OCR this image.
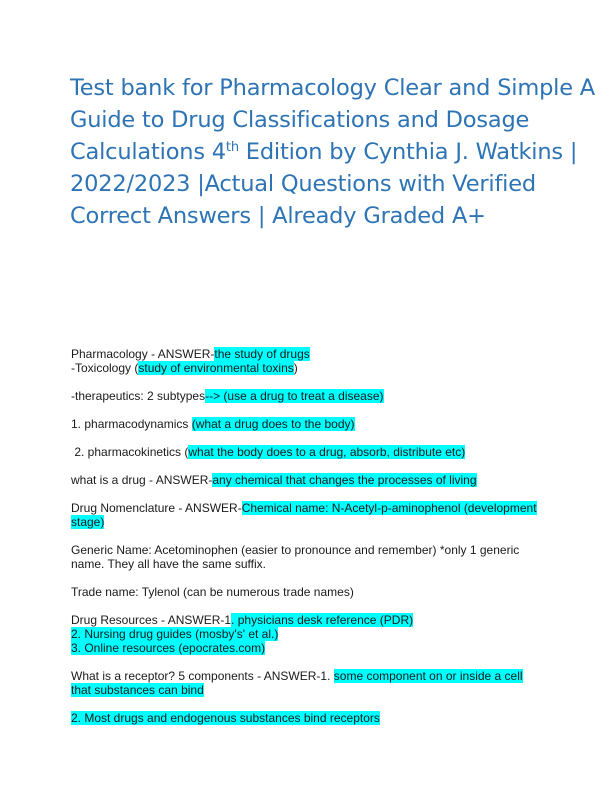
Test bank for Pharmacology Clear and Simple A
Guide to Drug Classifications and Dosage
Calculations 4th Edition by Cynthia J. Watkins |
2022/2023 |Actual Questions with Verified
Correct Answers | Already Graded A+

Pharmacology - ANSWER-the study of drugs

-Toxicology (study of environmental toxins)

-therapeutics: 2 subtypes--> (use a drug to treat a disease)

1. pharmacodynamics (what a drug does to the body)

2. pharmacokinetics (what the body does to a drug, absorb, distribute etc)

what is a drug - ANSWER-any chemical that changes the processes of living

Drug Nomenclature - ANSWER-Chemical name: N-Acetyl-p-aminophenol (development stage)

Generic Name: Acetominophen (easier to pronounce and remember) *only 1 generic name. They all have the same suffix.

Trade name: Tylenol (can be numerous trade names)

Drug Resources - ANSWER-1. physicians desk reference (PDR)

2. Nursing drug guides (mosby's' et al.)

3. Online resources (epocrates.com)

What is a receptor? 5 components - ANSWER-1. some component on or inside a cell that substances can bind

2. Most drugs and endogenous substances bind receptors
